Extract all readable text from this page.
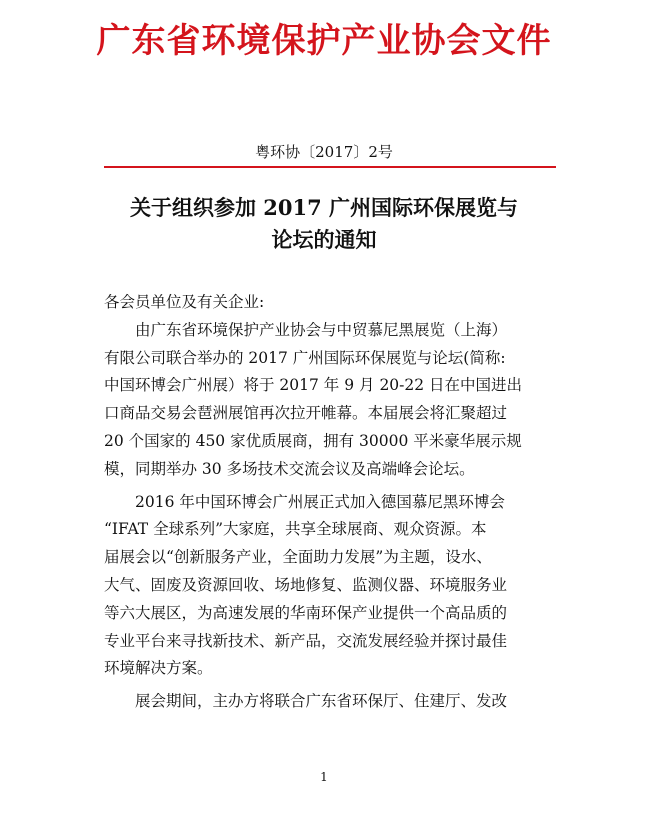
广东省环境保护产业协会文件
粤环协〔2017〕2号
关于组织参加 2017 广州国际环保展览与
论坛的通知

各会员单位及有关企业:

由广东省环境保护产业协会与中贸慕尼黑展览（上海）
有限公司联合举办的 2017 广州国际环保展览与论坛(简称:
中国环博会广州展）将于 2017 年 9 月 20-22 日在中国进出
口商品交易会琶洲展馆再次拉开帷幕。本届展会将汇聚超过
20 个国家的 450 家优质展商，拥有 30000 平米豪华展示规
模，同期举办 30 多场技术交流会议及高端峰会论坛。

2016 年中国环博会广州展正式加入德国慕尼黑环博会
“IFAT 全球系列”大家庭，共享全球展商、观众资源。本
届展会以“创新服务产业，全面助力发展”为主题，设水、
大气、固废及资源回收、场地修复、监测仪器、环境服务业
等六大展区，为高速发展的华南环保产业提供一个高品质的
专业平台来寻找新技术、新产品，交流发展经验并探讨最佳
环境解决方案。

展会期间，主办方将联合广东省环保厅、住建厅、发改

1
